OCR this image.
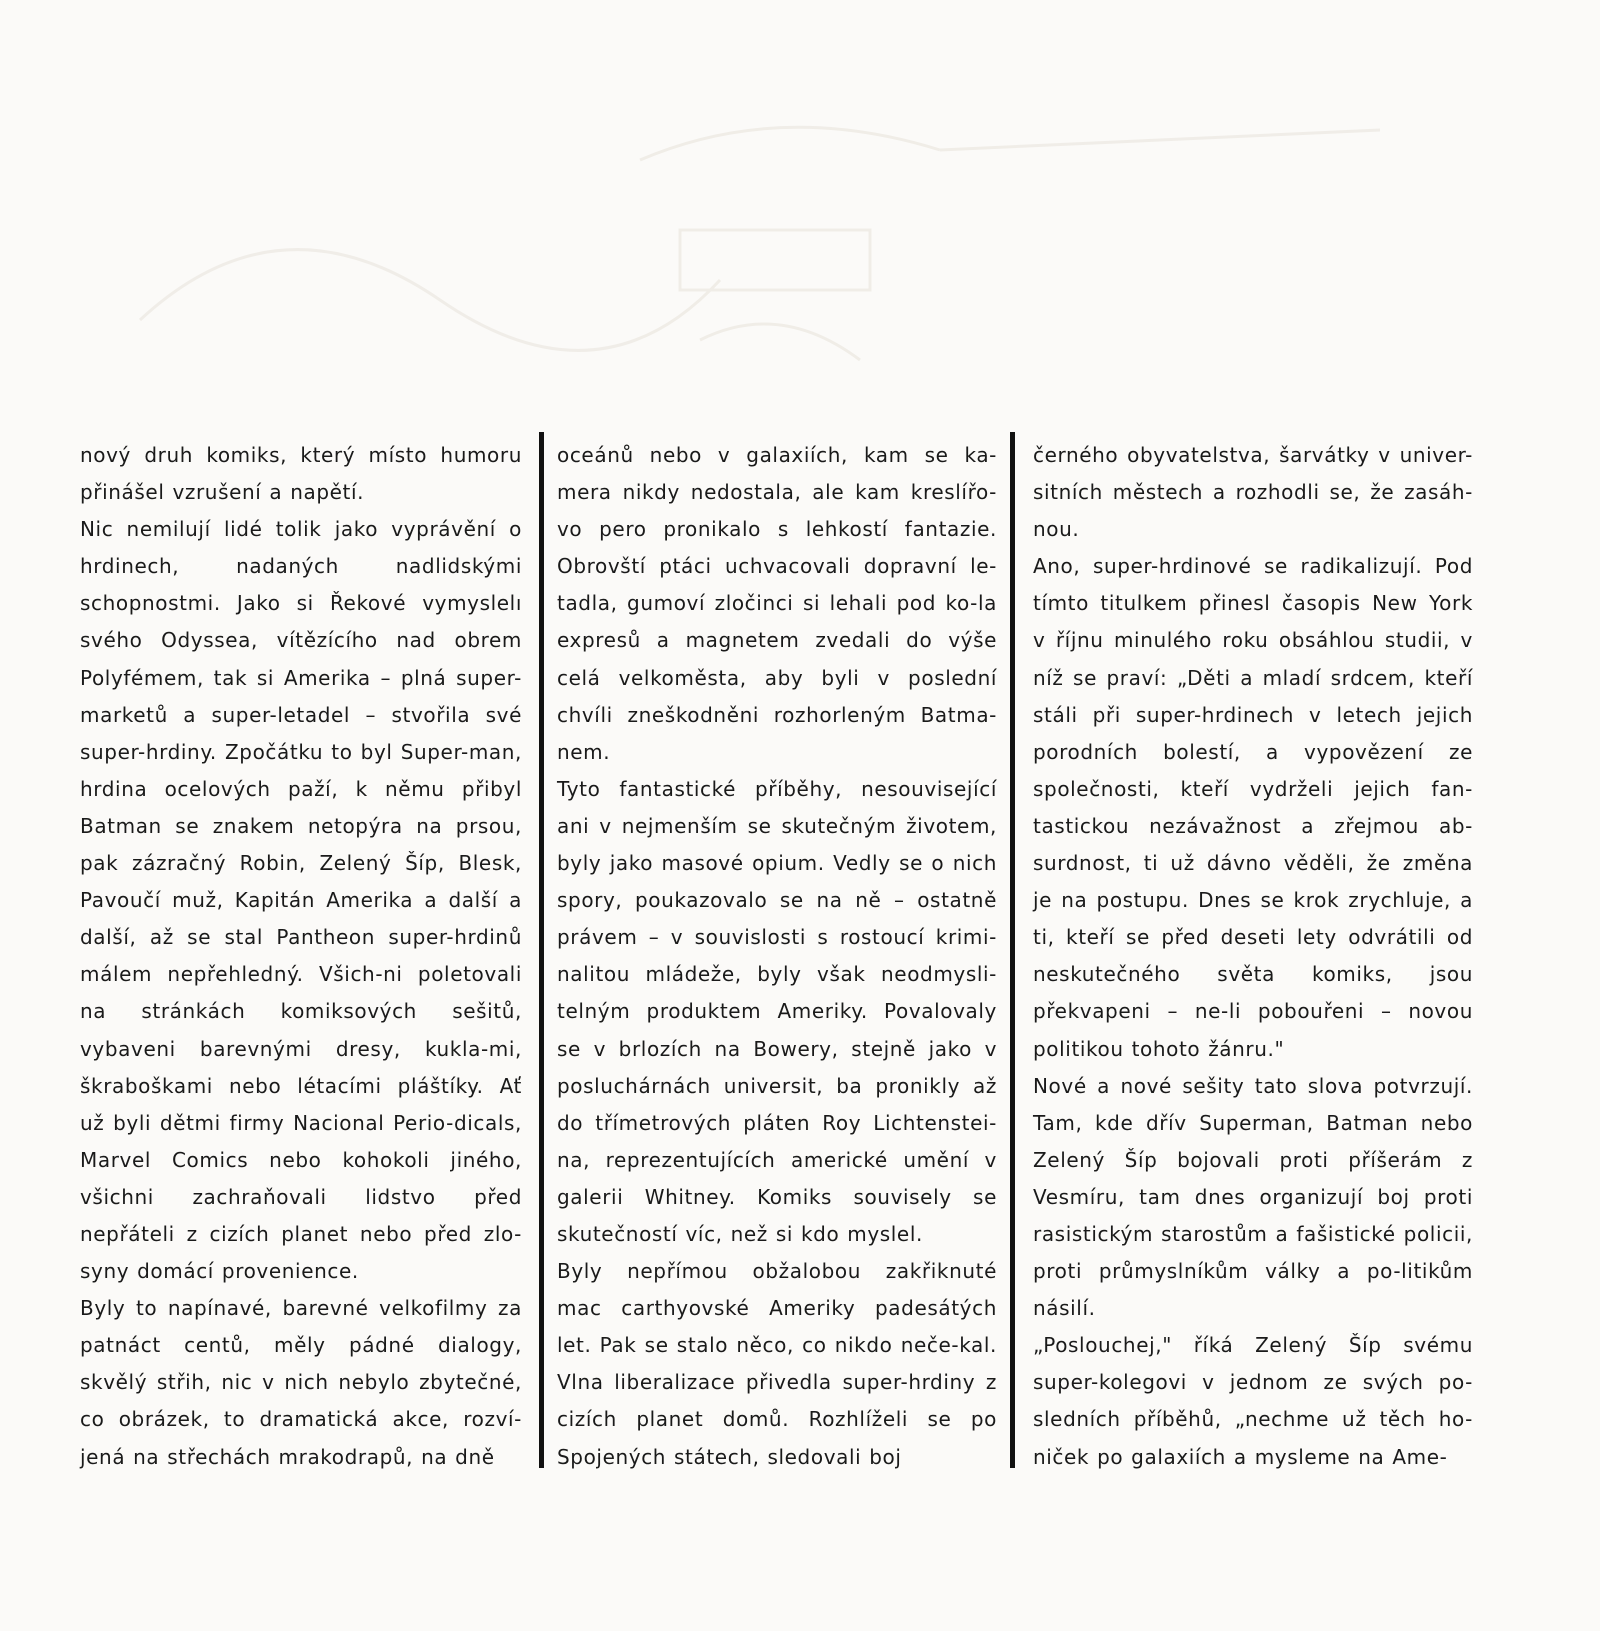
nový druh komiks, který místo humoru přinášel vzrušení a napětí.

Nic nemilují lidé tolik jako vyprávění o hrdinech, nadaných nadlidskými schopnostmi. Jako si Řekové vymyslelı svého Odyssea, vítězícího nad obrem Polyfémem, tak si Amerika – plná super-marketů a super-letadel – stvořila své super-hrdiny. Zpočátku to byl Super-man, hrdina ocelových paží, k němu přibyl Batman se znakem netopýra na prsou, pak zázračný Robin, Zelený Šíp, Blesk, Pavoučí muž, Kapitán Amerika a další a další, až se stal Pantheon super-hrdinů málem nepřehledný. Všich-ni poletovali na stránkách komiksových sešitů, vybaveni barevnými dresy, kukla-mi, škraboškami nebo létacími pláštíky. Ať už byli dětmi firmy Nacional Perio-dicals, Marvel Comics nebo kohokoli jiného, všichni zachraňovali lidstvo před nepřáteli z cizích planet nebo před zlo-syny domácí provenience.

Byly to napínavé, barevné velkofilmy za patnáct centů, měly pádné dialogy, skvělý střih, nic v nich nebylo zbytečné, co obrázek, to dramatická akce, rozví-jená na střechách mrakodrapů, na dně

oceánů nebo v galaxiích, kam se ka-mera nikdy nedostala, ale kam kreslířo-vo pero pronikalo s lehkostí fantazie. Obrovští ptáci uchvacovali dopravní le-tadla, gumoví zločinci si lehali pod ko-la expresů a magnetem zvedali do výše celá velkoměsta, aby byli v poslední chvíli zneškodněni rozhorleným Batma-nem.

Tyto fantastické příběhy, nesouvisející ani v nejmenším se skutečným životem, byly jako masové opium. Vedly se o nich spory, poukazovalo se na ně – ostatně právem – v souvislosti s rostoucí krimi-nalitou mládeže, byly však neodmysli-telným produktem Ameriky. Povalovaly se v brlozích na Bowery, stejně jako v posluchárnách universit, ba pronikly až do třímetrových pláten Roy Lichtenstei-na, reprezentujících americké umění v galerii Whitney. Komiks souvisely se skutečností víc, než si kdo myslel.

Byly nepřímou obžalobou zakřiknuté mac carthyovské Ameriky padesátých let. Pak se stalo něco, co nikdo neče-kal. Vlna liberalizace přivedla super-hrdiny z cizích planet domů. Rozhlíželi se po Spojených státech, sledovali boj

černého obyvatelstva, šarvátky v univer-sitních městech a rozhodli se, že zasáh-nou.

Ano, super-hrdinové se radikalizují. Pod tímto titulkem přinesl časopis New York v říjnu minulého roku obsáhlou studii, v níž se praví: „Děti a mladí srdcem, kteří stáli při super-hrdinech v letech jejich porodních bolestí, a vypovězení ze společnosti, kteří vydrželi jejich fan-tastickou nezávažnost a zřejmou ab-surdnost, ti už dávno věděli, že změna je na postupu. Dnes se krok zrychluje, a ti, kteří se před deseti lety odvrátili od neskutečného světa komiks, jsou překvapeni – ne-li pobouřeni – novou politikou tohoto žánru."

Nové a nové sešity tato slova potvrzují. Tam, kde dřív Superman, Batman nebo Zelený Šíp bojovali proti příšerám z Vesmíru, tam dnes organizují boj proti rasistickým starostům a fašistické policii, proti průmyslníkům války a po-litikům násilí.

„Poslouchej," říká Zelený Šíp svému super-kolegovi v jednom ze svých po-sledních příběhů, „nechme už těch ho-niček po galaxiích a mysleme na Ame-
